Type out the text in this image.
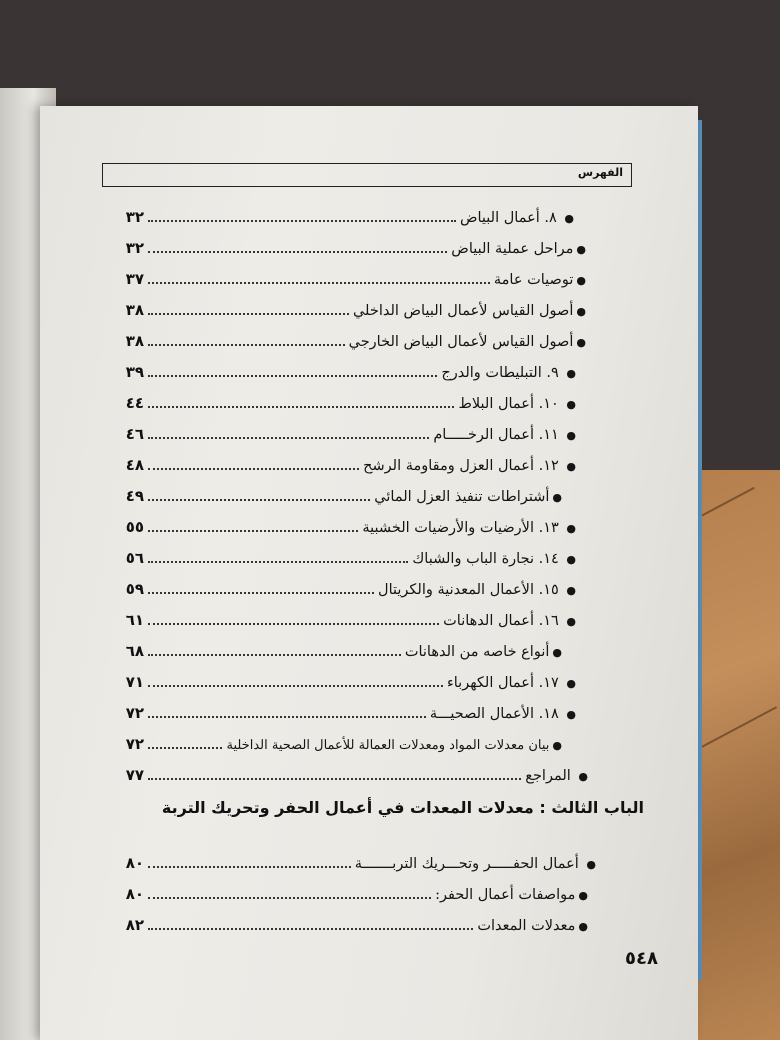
الفهرس
٣٢	● ٨. أعمال البياض
٣٢	●مراحل عملية البياض
٣٧	●توصيات عامة
٣٨	●أصول القياس لأعمال البياض الداخلي
٣٨	●أصول القياس لأعمال البياض الخارجي
٣٩	● ٩. التبليطات والدرج
٤٤	● ١٠. أعمال البلاط
٤٦	● ١١. أعمال الرخـــــام
٤٨	● ١٢. أعمال العزل ومقاومة الرشح
٤٩	●أشتراطات تنفيذ العزل المائي
٥٥	● ١٣. الأرضيات والأرضيات الخشبية
٥٦	● ١٤. نجارة الباب والشباك
٥٩	● ١٥. الأعمال المعدنية والكريتال
٦١	● ١٦. أعمال الدهانات
٦٨	●أنواع خاصه من الدهانات
٧١	● ١٧. أعمال الكهرباء
٧٢	● ١٨. الأعمال الصحيـــة
٧٢	●بيان معدلات المواد ومعدلات العمالة للأعمال الصحية الداخلية
٧٧	● المراجع
الباب الثالث : معدلات المعدات في أعمال الحفر وتحريك التربة
٨٠	● أعمال الحفـــــر وتحـــريك التربـــــــة
٨٠	●مواصفات أعمال الحفر:
٨٢	●معدلات المعدات
٥٤٨
